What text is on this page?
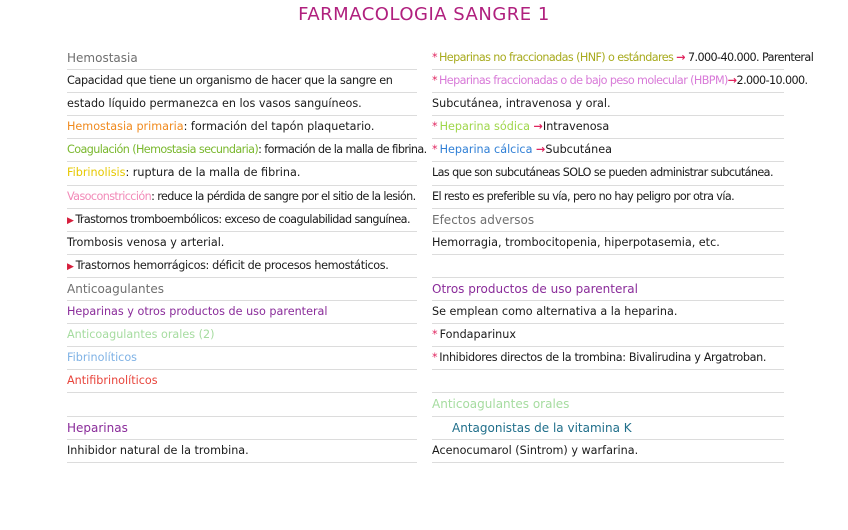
FARMACOLOGIA SANGRE 1
Hemostasia
Capacidad que tiene un organismo de hacer que la sangre en
estado líquido permanezca en los vasos sanguíneos.
Hemostasia primaria: formación del tapón plaquetario.
Coagulación (Hemostasia secundaria): formación de la malla de fibrina.
Fibrinolisis: ruptura de la malla de fibrina.
Vasoconstricción: reduce la pérdida de sangre por el sitio de la lesión.
▶ Trastornos tromboembólicos: exceso de coagulabilidad sanguínea.
Trombosis venosa y arterial.
▶ Trastornos hemorrágicos: déficit de procesos hemostáticos.
Anticoagulantes
Heparinas y otros productos de uso parenteral
Anticoagulantes orales (2)
Fibrinolíticos
Antifibrinolíticos
Heparinas
Inhibidor natural de la trombina.
* Heparinas no fraccionadas (HNF) o estándares → 7.000-40.000. Parenteral
* Heparinas fraccionadas o de bajo peso molecular (HBPM)→2.000-10.000.
Subcutánea, intravenosa y oral.
* Heparina sódica →Intravenosa
* Heparina cálcica →Subcutánea
Las que son subcutáneas SOLO se pueden administrar subcutánea.
El resto es preferible su vía, pero no hay peligro por otra vía.
Efectos adversos
Hemorragia, trombocitopenia, hiperpotasemia, etc.
Otros productos de uso parenteral
Se emplean como alternativa a la heparina.
* Fondaparinux
* Inhibidores directos de la trombina: Bivalirudina y Argatroban.
Anticoagulantes orales
Antagonistas de la vitamina K
Acenocumarol (Sintrom) y warfarina.
